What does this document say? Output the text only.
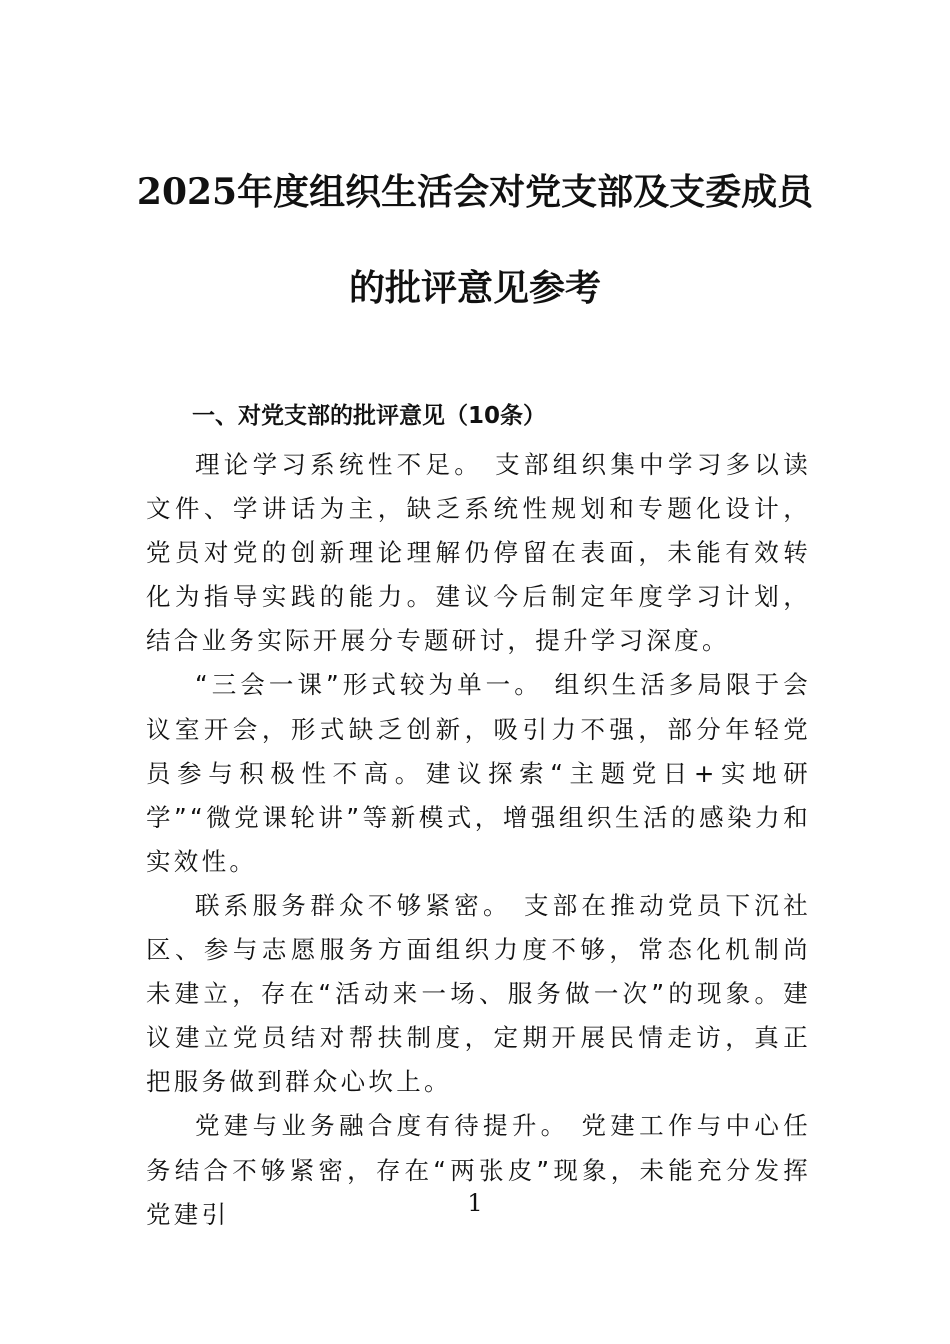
2025年度组织生活会对党支部及支委成员
的批评意见参考
一、对党支部的批评意见（10条）

理论学习系统性不足。 支部组织集中学习多以读文件、学讲话为主，缺乏系统性规划和专题化设计，党员对党的创新理论理解仍停留在表面，未能有效转化为指导实践的能力。建议今后制定年度学习计划，结合业务实际开展分专题研讨，提升学习深度。

“三会一课”形式较为单一。 组织生活多局限于会议室开会，形式缺乏创新，吸引力不强，部分年轻党员参与积极性不高。建议探索“主题党日+实地研学”“微党课轮讲”等新模式，增强组织生活的感染力和实效性。

联系服务群众不够紧密。 支部在推动党员下沉社区、参与志愿服务方面组织力度不够，常态化机制尚未建立，存在“活动来一场、服务做一次”的现象。建议建立党员结对帮扶制度，定期开展民情走访，真正把服务做到群众心坎上。

党建与业务融合度有待提升。 党建工作与中心任务结合不够紧密，存在“两张皮”现象，未能充分发挥党建引	1
